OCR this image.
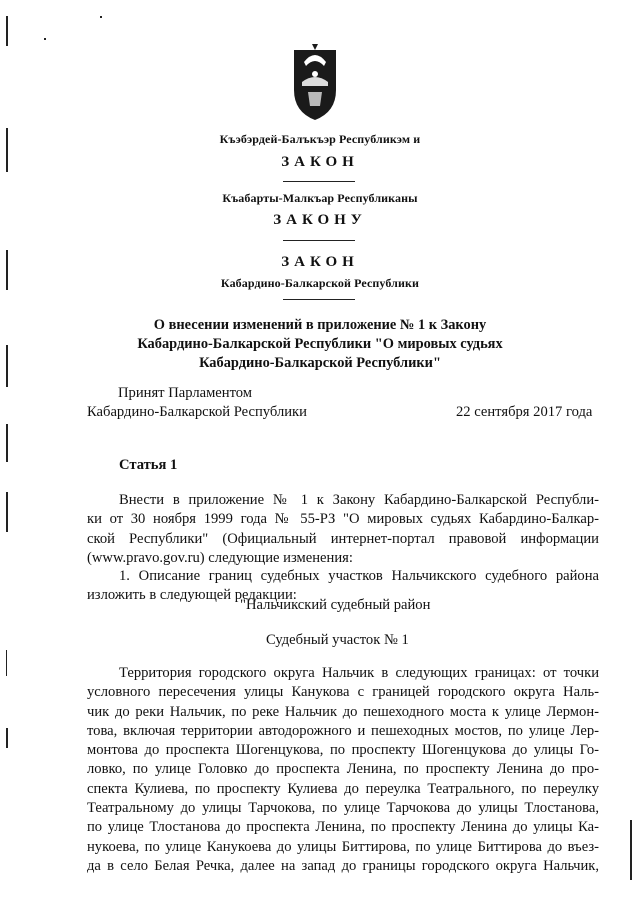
Къэбэрдей-Балъкъэр Республикэм и
ЗАКОН
Къабарты-Малкъар Республиканы
ЗАКОНУ
ЗАКОН
Кабардино-Балкарской Республики
О внесении изменений в приложение № 1 к Закону
Кабардино-Балкарской Республики "О мировых судьях
Кабардино-Балкарской Республики"
Принят Парламентом
Кабардино-Балкарской Республики	22 сентября 2017 года
Статья 1
Внести в приложение № 1 к Закону Кабардино-Балкарской Республи-
ки от 30 ноября 1999 года № 55-РЗ "О мировых судьях Кабардино-Балкар-
ской Республики" (Официальный интернет-портал правовой информации
(www.pravo.gov.ru) следующие изменения:
1. Описание границ судебных участков Нальчикского судебного района
изложить в следующей редакции:
"Нальчикский судебный район
Судебный участок № 1
Территория городского округа Нальчик в следующих границах: от точки
условного пересечения улицы Канукова с границей городского округа Наль-
чик до реки Нальчик, по реке Нальчик до пешеходного моста к улице Лермон-
това, включая территории автодорожного и пешеходных мостов, по улице Лер-
монтова до проспекта Шогенцукова, по проспекту Шогенцукова до улицы Го-
ловко, по улице Головко до проспекта Ленина, по проспекту Ленина до про-
спекта Кулиева, по проспекту Кулиева до переулка Театрального, по переулку
Театральному до улицы Тарчокова, по улице Тарчокова до улицы Тлостанова,
по улице Тлостанова до проспекта Ленина, по проспекту Ленина до улицы Ка-
нукоева, по улице Канукоева до улицы Биттирова, по улице Биттирова до въез-
да в село Белая Речка, далее на запад до границы городского округа Нальчик,
